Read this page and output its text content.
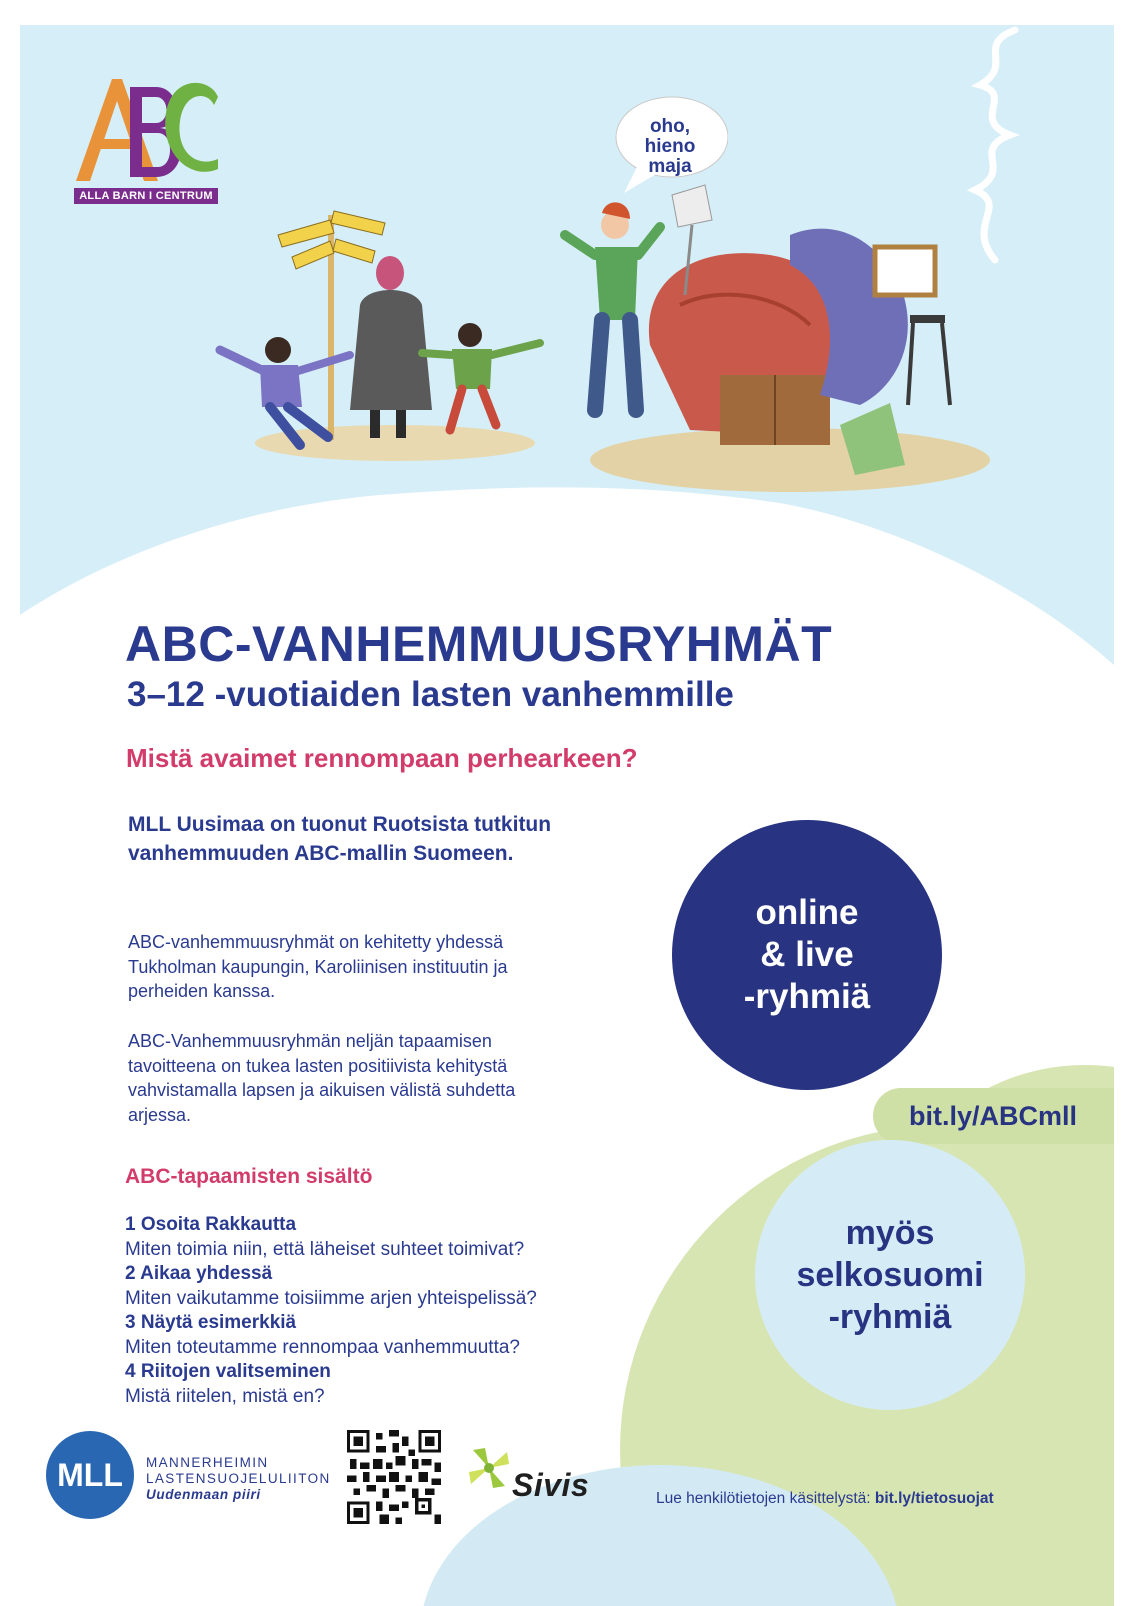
ALLA BARN I CENTRUM
oho,
hieno
maja
ABC-VANHEMMUUSRYHMÄT
3–12 -vuotiaiden lasten vanhemmille
Mistä avaimet rennompaan perhearkeen?

MLL Uusimaa on tuonut Ruotsista tutkitun vanhemmuuden ABC-mallin Suomeen.

ABC-vanhemmuusryhmät on kehitetty yhdessä Tukholman kaupungin, Karoliinisen instituutin ja perheiden kanssa.

ABC-Vanhemmuusryhmän neljän tapaamisen tavoitteena on tukea lasten positiivista kehitystä vahvistamalla lapsen ja aikuisen välistä suhdetta arjessa.

ABC-tapaamisten sisältö
1 Osoita Rakkautta
Miten toimia niin, että läheiset suhteet toimivat?
2 Aikaa yhdessä
Miten vaikutamme toisiimme arjen yhteispelissä?
3 Näytä esimerkkiä
Miten toteutamme rennompaa vanhemmuutta?
4 Riitojen valitseminen
Mistä riitelen, mistä en?
online
& live
-ryhmiä
bit.ly/ABCmll
myös
selkosuomi
-ryhmiä
MLL MANNERHEIMIN
LASTENSUOJELULIITON
Uudenmaan piiri	Sivis	Lue henkilötietojen käsittelystä: bit.ly/tietosuojat
